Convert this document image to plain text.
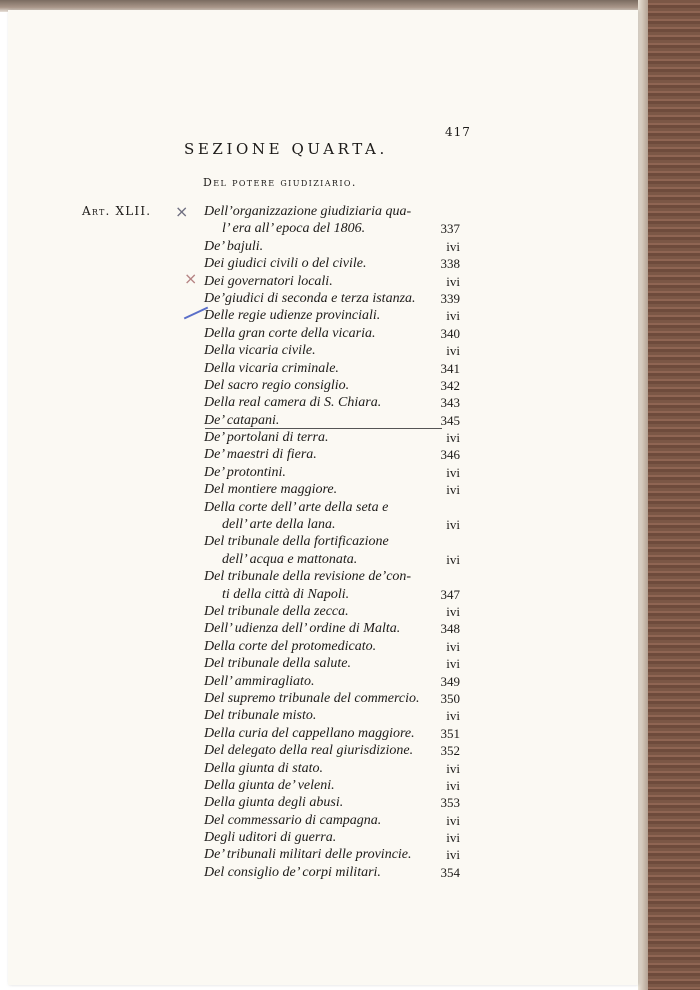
417
SEZIONE QUARTA.
Del potere giudiziario.
Art. XLII. ×
×
Dell’organizzazione giudiziaria qua-
l’ era all’ epoca del 1806.	337
De’ bajuli.	ivi
Dei giudici civili o del civile.	338
Dei governatori locali.	ivi
De’giudici di seconda e terza istanza.	339
Delle regie udienze provinciali.	ivi
Della gran corte della vicaria.	340
Della vicaria civile.	ivi
Della vicaria criminale.	341
Del sacro regio consiglio.	342
Della real camera di S. Chiara.	343
De’ catapani.	345
De’ portolani di terra.	ivi
De’ maestri di fiera.	346
De’ protontini.	ivi
Del montiere maggiore.	ivi
Della corte dell’ arte della seta e
dell’ arte della lana.	ivi
Del tribunale della fortificazione
dell’ acqua e mattonata.	ivi
Del tribunale della revisione de’con-
ti della città di Napoli.	347
Del tribunale della zecca.	ivi
Dell’ udienza dell’ ordine di Malta.	348
Della corte del protomedicato.	ivi
Del tribunale della salute.	ivi
Dell’ ammiragliato.	349
Del supremo tribunale del commercio.	350
Del tribunale misto.	ivi
Della curia del cappellano maggiore.	351
Del delegato della real giurisdizione.	352
Della giunta di stato.	ivi
Della giunta de’ veleni.	ivi
Della giunta degli abusi.	353
Del commessario di campagna.	ivi
Degli uditori di guerra.	ivi
De’ tribunali militari delle provincie.	ivi
Del consiglio de’ corpi militari.	354
